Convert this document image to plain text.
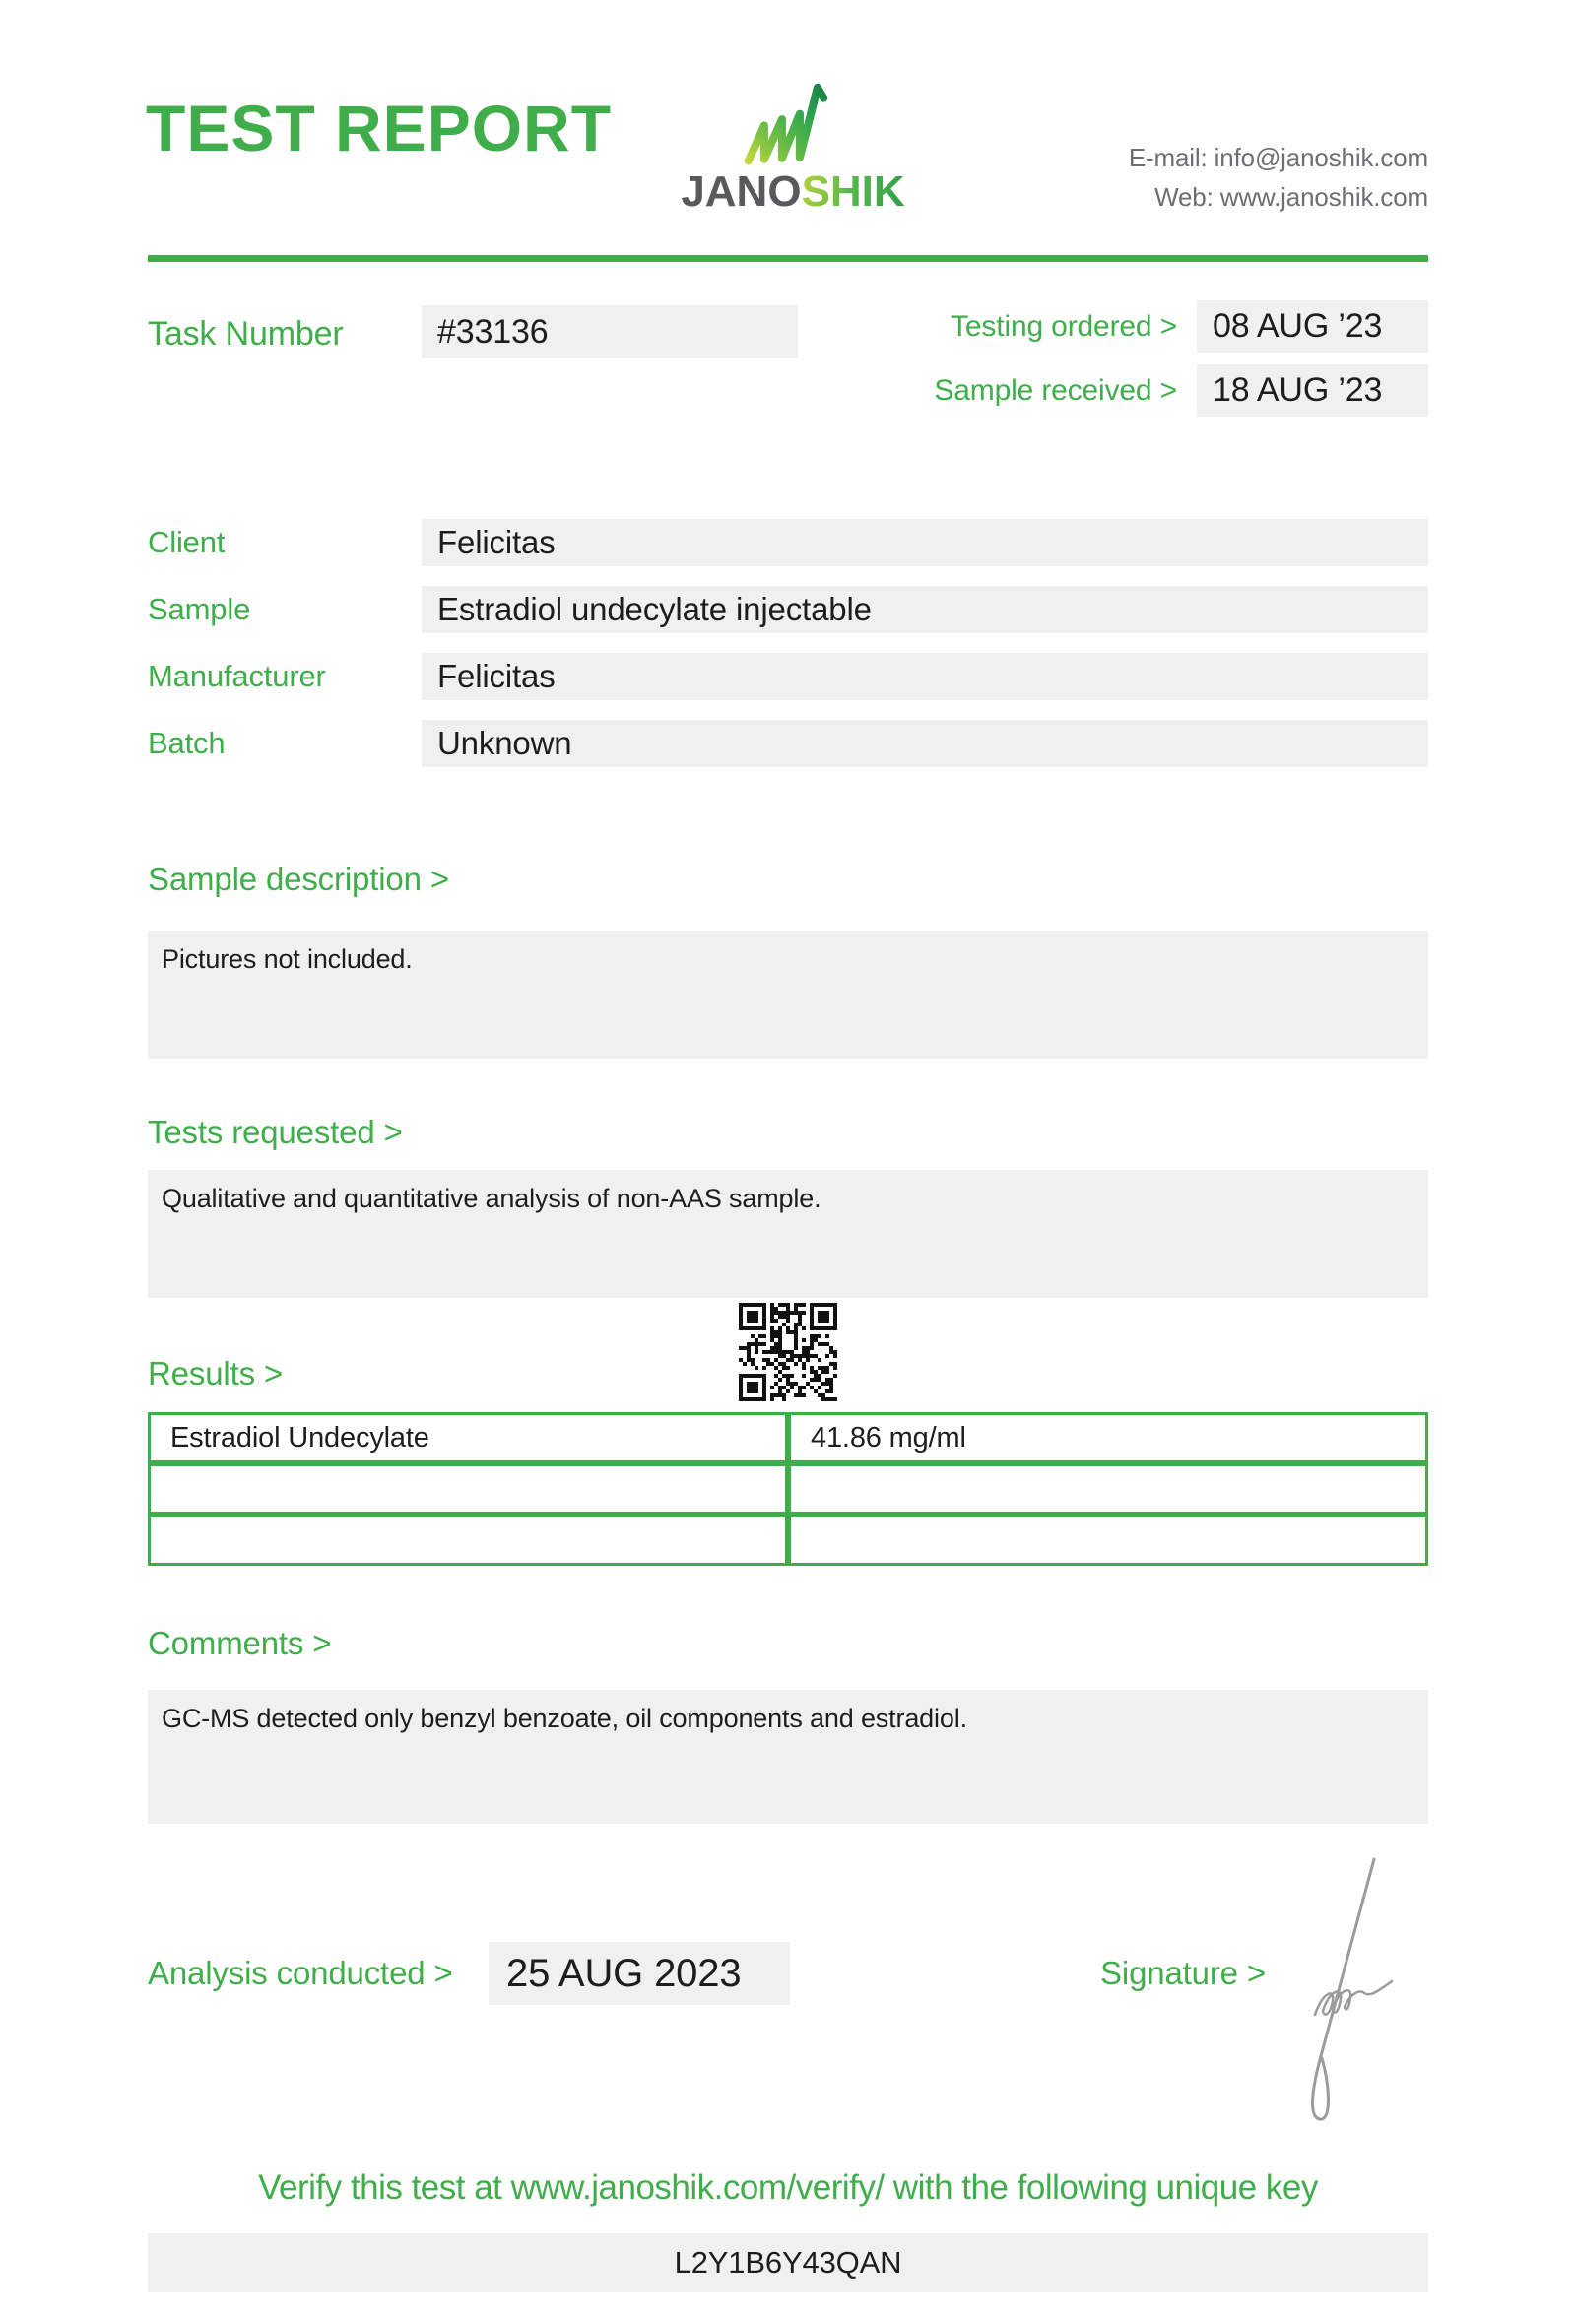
TEST REPORT
JANOSHIK
E-mail: info@janoshik.com
Web: www.janoshik.com
Task Number	#33136	Testing ordered >	08 AUG ’23
Sample received >	18 AUG ’23
Client	Felicitas
Sample	Estradiol undecylate injectable
Manufacturer	Felicitas
Batch	Unknown
Sample description >
Pictures not included.
Tests requested >
Qualitative and quantitative analysis of non-AAS sample.
Results >
Estradiol Undecylate	41.86 mg/ml

Comments >
GC-MS detected only benzyl benzoate, oil components and estradiol.
Analysis conducted >	25 AUG 2023	Signature >
Verify this test at www.janoshik.com/verify/ with the following unique key
L2Y1B6Y43QAN
